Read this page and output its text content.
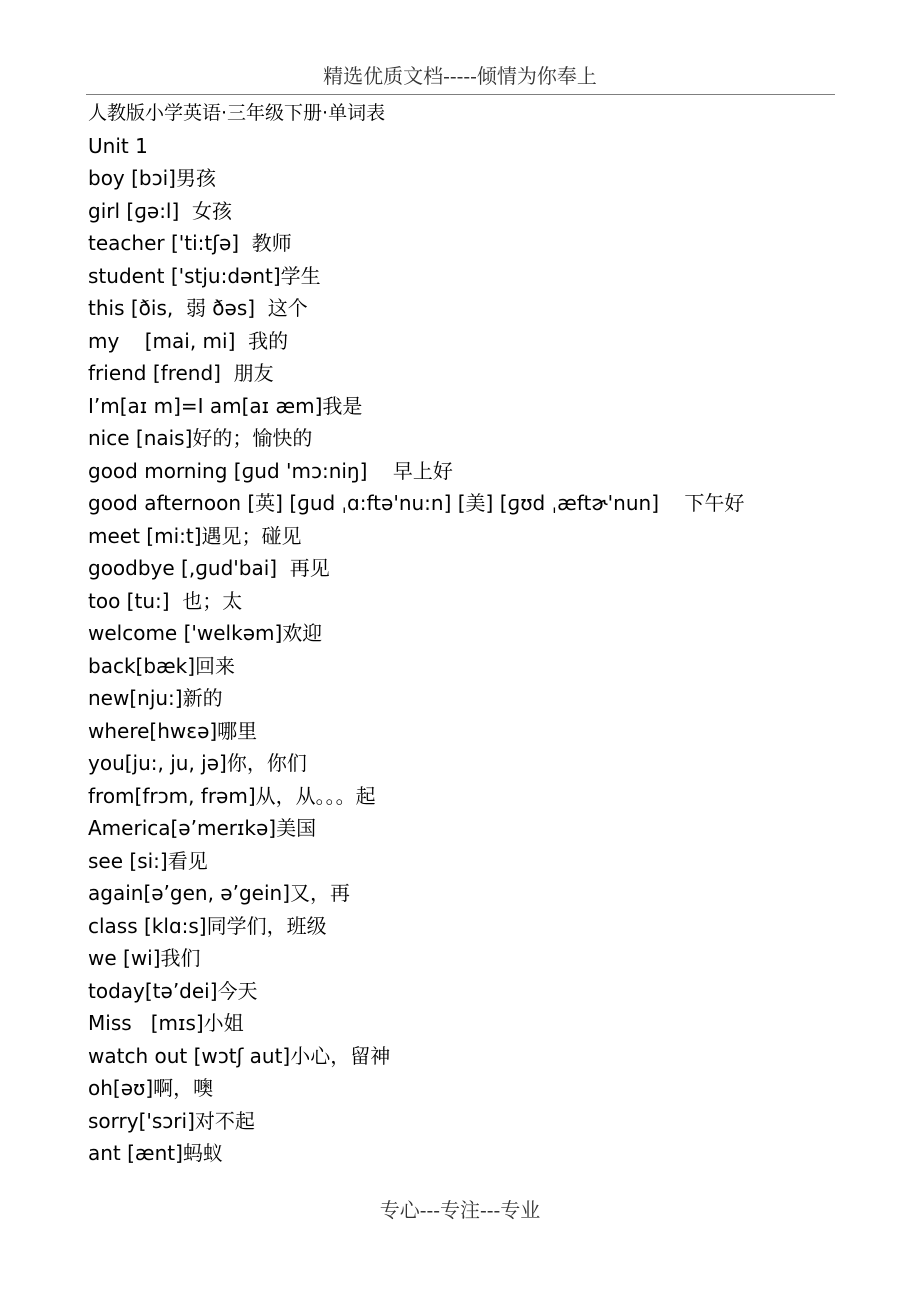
精选优质文档-----倾情为你奉上
人教版小学英语·三年级下册·单词表
Unit 1
boy [bɔi]男孩
girl [ɡə:l]  女孩
teacher ['ti:tʃə]  教师
student ['stju:dənt]学生
this [ðis,  弱 ðəs]  这个
my    [mai, mi]  我的
friend [frend]  朋友
I’m[aɪ m]=I am[aɪ æm]我是
nice [nais]好的；愉快的
good morning [ɡud 'mɔ:niŋ]    早上好
good afternoon [英] [ɡud ˌɑ:ftə'nu:n] [美] [ɡʊd ˌæftɚ'nun]    下午好
meet [mi:t]遇见；碰见
goodbye [,ɡud'bai]  再见
too [tu:]  也；太
welcome ['welkəm]欢迎
back[bæk]回来
new[nju:]新的
where[hwɛə]哪里
you[ju:, ju, jə]你，你们
from[frɔm, frəm]从，从。。。起
America[ə’merɪkə]美国
see [si:]看见
again[ə’gen, ə’gein]又，再
class [klɑ:s]同学们，班级
we [wi]我们
today[tə’dei]今天
Miss   [mɪs]小姐
watch out [wɔtʃ aut]小心，留神
oh[əʊ]啊，噢
sorry['sɔri]对不起
ant [ænt]蚂蚁
专心---专注---专业
